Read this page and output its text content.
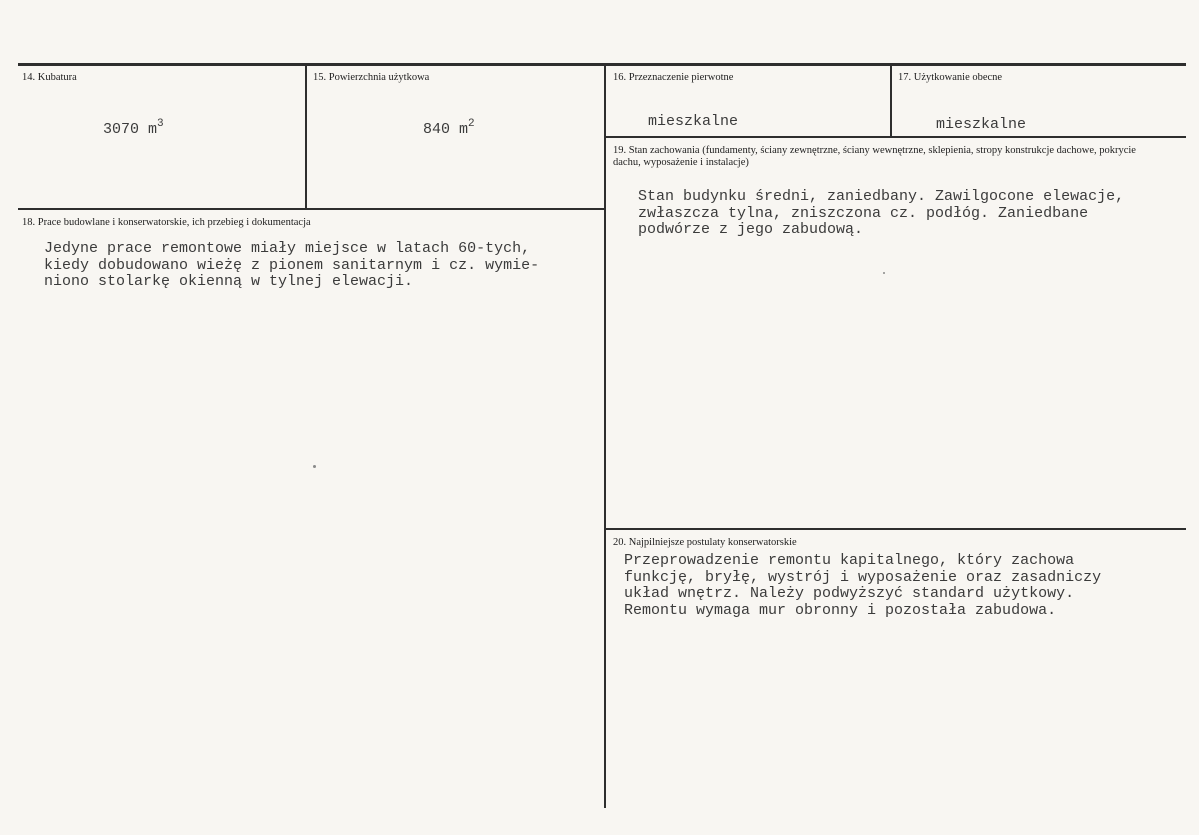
14. Kubatura
3070 $m^3$
15. Powierzchnia użytkowa
840 $m^2$
16. Przeznaczenie pierwotne
mieszkalne
17. Użytkowanie obecne
mieszkalne
18. Prace budowlane i konserwatorskie, ich przebieg i dokumentacja
Jedyne prace remontowe miały miejsce w latach 60-tych,
kiedy dobudowano wieżę z pionem sanitarnym i cz. wymie-
niono stolarkę okienną w tylnej elewacji.
19. Stan zachowania (fundamenty, ściany zewnętrzne, ściany wewnętrzne, sklepienia, stropy konstrukcje dachowe, pokrycie dachu, wyposażenie i instalacje)
Stan budynku średni, zaniedbany. Zawilgocone elewacje,
zwłaszcza tylna, zniszczona cz. podłóg. Zaniedbane
podwórze z jego zabudową.
20. Najpilniejsze postulaty konserwatorskie
Przeprowadzenie remontu kapitalnego, który zachowa
funkcję, bryłę, wystrój i wyposażenie oraz zasadniczy
układ wnętrz. Należy podwyższyć standard użytkowy.
Remontu wymaga mur obronny i pozostała zabudowa.
